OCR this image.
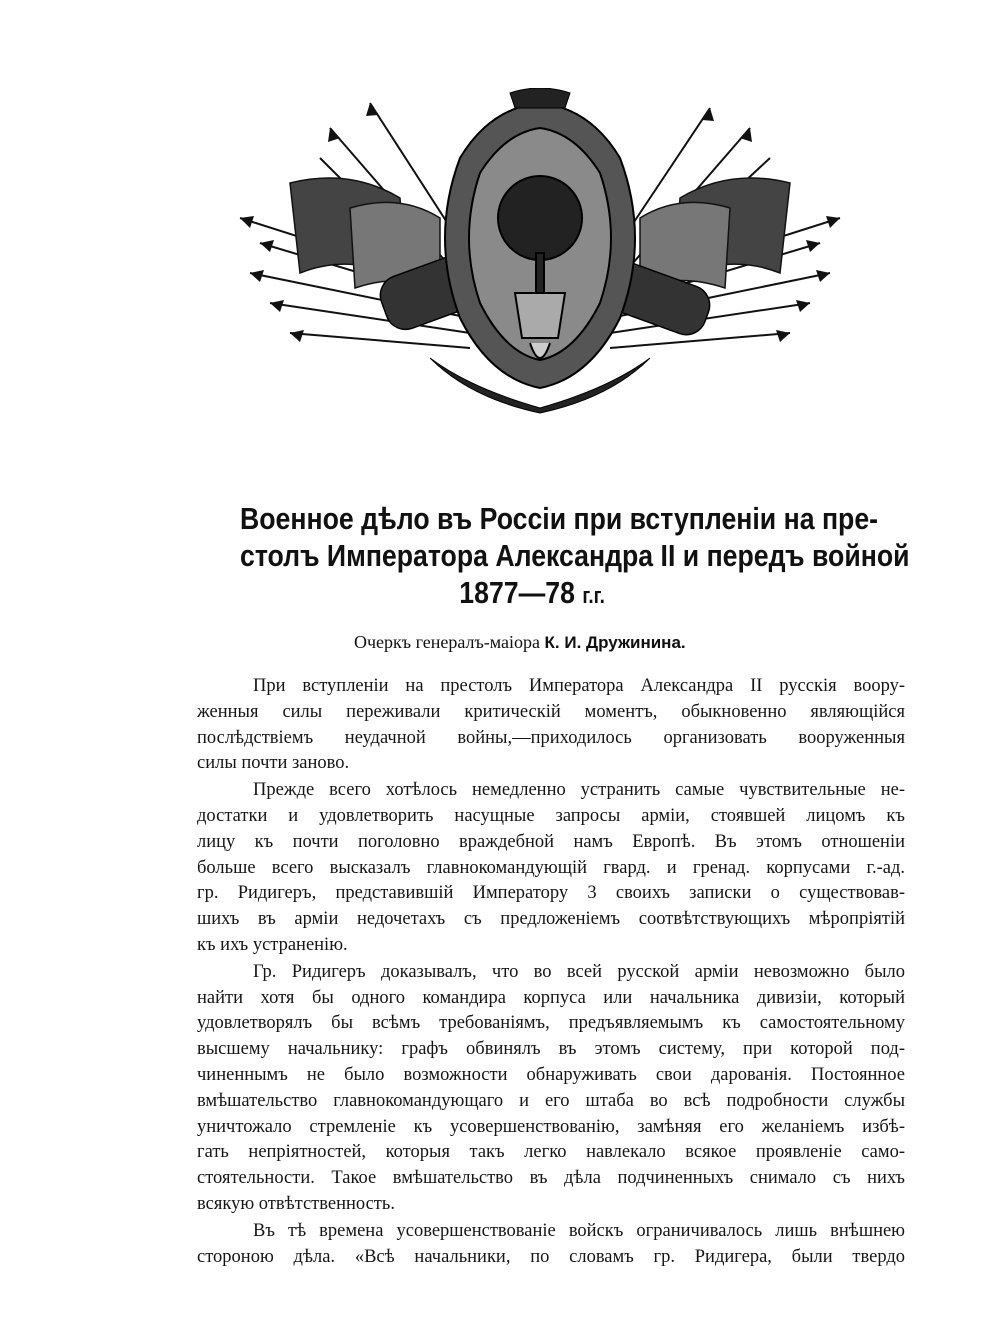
Военное дѣло въ Россіи при вступленіи на пре-
столъ Императора Александра II и передъ войной
1877—78 г.г.
Очеркъ генералъ-маіора К. И. Дружинина.
При вступленіи на престолъ Императора Александра II русскія воору-
женныя силы переживали критическій моментъ, обыкновенно являющійся
послѣдствіемъ неудачной войны,—приходилось организовать вооруженныя
силы почти заново.
Прежде всего хотѣлось немедленно устранить самые чувствительные не-
достатки и удовлетворить насущные запросы арміи, стоявшей лицомъ къ
лицу къ почти поголовно враждебной намъ Европѣ. Въ этомъ отношеніи
больше всего высказалъ главнокомандующій гвард. и гренад. корпусами г.-ад.
гр. Ридигеръ, представившій Императору 3 своихъ записки о существовав-
шихъ въ арміи недочетахъ съ предложеніемъ соотвѣтствующихъ мѣропріятій
къ ихъ устраненію.
Гр. Ридигеръ доказывалъ, что во всей русской арміи невозможно было
найти хотя бы одного командира корпуса или начальника дивизіи, который
удовлетворялъ бы всѣмъ требованіямъ, предъявляемымъ къ самостоятельному
высшему начальнику: графъ обвинялъ въ этомъ систему, при которой под-
чиненнымъ не было возможности обнаруживать свои дарованія. Постоянное
вмѣшательство главнокомандующаго и его штаба во всѣ подробности службы
уничтожало стремленіе къ усовершенствованію, замѣняя его желаніемъ избѣ-
гать непріятностей, которыя такъ легко навлекало всякое проявленіе само-
стоятельности. Такое вмѣшательство въ дѣла подчиненныхъ снимало съ нихъ
всякую отвѣтственность.
Въ тѣ времена усовершенствованіе войскъ ограничивалось лишь внѣшнею
стороною дѣла. «Всѣ начальники, по словамъ гр. Ридигера, были твердо
